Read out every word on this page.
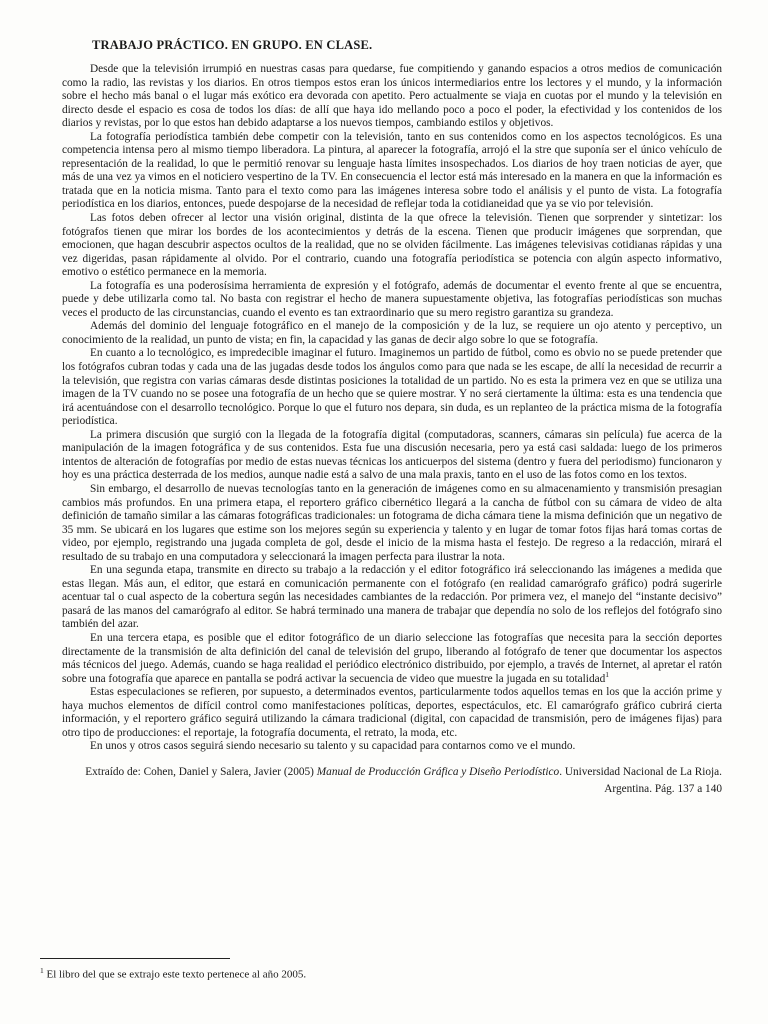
TRABAJO PRÁCTICO. EN GRUPO. EN CLASE.

Desde que la televisión irrumpió en nuestras casas para quedarse, fue compitiendo y ganando espacios a otros medios de comunicación como la radio, las revistas y los diarios. En otros tiempos estos eran los únicos intermediarios entre los lectores y el mundo, y la información sobre el hecho más banal o el lugar más exótico era devorada con apetito. Pero actualmente se viaja en cuotas por el mundo y la televisión en directo desde el espacio es cosa de todos los días: de allí que haya ido mellando poco a poco el poder, la efectividad y los contenidos de los diarios y revistas, por lo que estos han debido adaptarse a los nuevos tiempos, cambiando estilos y objetivos.

La fotografía periodística también debe competir con la televisión, tanto en sus contenidos como en los aspectos tecnológicos. Es una competencia intensa pero al mismo tiempo liberadora. La pintura, al aparecer la fotografía, arrojó el la stre que suponía ser el único vehículo de representación de la realidad, lo que le permitió renovar su lenguaje hasta límites insospechados. Los diarios de hoy traen noticias de ayer, que más de una vez ya vimos en el noticiero vespertino de la TV. En consecuencia el lector está más interesado en la manera en que la información es tratada que en la noticia misma. Tanto para el texto como para las imágenes interesa sobre todo el análisis y el punto de vista. La fotografía periodística en los diarios, entonces, puede despojarse de la necesidad de reflejar toda la cotidianeidad que ya se vio por televisión.

Las fotos deben ofrecer al lector una visión original, distinta de la que ofrece la televisión. Tienen que sorprender y sintetizar: los fotógrafos tienen que mirar los bordes de los acontecimientos y detrás de la escena. Tienen que producir imágenes que sorprendan, que emocionen, que hagan descubrir aspectos ocultos de la realidad, que no se olviden fácilmente. Las imágenes televisivas cotidianas rápidas y una vez digeridas, pasan rápidamente al olvido. Por el contrario, cuando una fotografía periodística se potencia con algún aspecto informativo, emotivo o estético permanece en la memoria.

La fotografía es una poderosísima herramienta de expresión y el fotógrafo, además de documentar el evento frente al que se encuentra, puede y debe utilizarla como tal. No basta con registrar el hecho de manera supuestamente objetiva, las fotografías periodísticas son muchas veces el producto de las circunstancias, cuando el evento es tan extraordinario que su mero registro garantiza su grandeza.

Además del dominio del lenguaje fotográfico en el manejo de la composición y de la luz, se requiere un ojo atento y perceptivo, un conocimiento de la realidad, un punto de vista; en fin, la capacidad y las ganas de decir algo sobre lo que se fotografía.

En cuanto a lo tecnológico, es impredecible imaginar el futuro. Imaginemos un partido de fútbol, como es obvio no se puede pretender que los fotógrafos cubran todas y cada una de las jugadas desde todos los ángulos como para que nada se les escape, de allí la necesidad de recurrir a la televisión, que registra con varias cámaras desde distintas posiciones la totalidad de un partido. No es esta la primera vez en que se utiliza una imagen de la TV cuando no se posee una fotografía de un hecho que se quiere mostrar. Y no será ciertamente la última: esta es una tendencia que irá acentuándose con el desarrollo tecnológico. Porque lo que el futuro nos depara, sin duda, es un replanteo de la práctica misma de la fotografía periodística.

La primera discusión que surgió con la llegada de la fotografía digital (computadoras, scanners, cámaras sin película) fue acerca de la manipulación de la imagen fotográfica y de sus contenidos. Esta fue una discusión necesaria, pero ya está casi saldada: luego de los primeros intentos de alteración de fotografías por medio de estas nuevas técnicas los anticuerpos del sistema (dentro y fuera del periodismo) funcionaron y hoy es una práctica desterrada de los medios, aunque nadie está a salvo de una mala praxis, tanto en el uso de las fotos como en los textos.

Sin embargo, el desarrollo de nuevas tecnologías tanto en la generación de imágenes como en su almacenamiento y transmisión presagian cambios más profundos. En una primera etapa, el reportero gráfico cibernético llegará a la cancha de fútbol con su cámara de video de alta definición de tamaño similar a las cámaras fotográficas tradicionales: un fotograma de dicha cámara tiene la misma definición que un negativo de 35 mm. Se ubicará en los lugares que estime son los mejores según su experiencia y talento y en lugar de tomar fotos fijas hará tomas cortas de video, por ejemplo, registrando una jugada completa de gol, desde el inicio de la misma hasta el festejo. De regreso a la redacción, mirará el resultado de su trabajo en una computadora y seleccionará la imagen perfecta para ilustrar la nota.

En una segunda etapa, transmite en directo su trabajo a la redacción y el editor fotográfico irá seleccionando las imágenes a medida que estas llegan. Más aun, el editor, que estará en comunicación permanente con el fotógrafo (en realidad camarógrafo gráfico) podrá sugerirle acentuar tal o cual aspecto de la cobertura según las necesidades cambiantes de la redacción. Por primera vez, el manejo del “instante decisivo” pasará de las manos del camarógrafo al editor. Se habrá terminado una manera de trabajar que dependía no solo de los reflejos del fotógrafo sino también del azar.

En una tercera etapa, es posible que el editor fotográfico de un diario seleccione las fotografías que necesita para la sección deportes directamente de la transmisión de alta definición del canal de televisión del grupo, liberando al fotógrafo de tener que documentar los aspectos más técnicos del juego. Además, cuando se haga realidad el periódico electrónico distribuido, por ejemplo, a través de Internet, al apretar el ratón sobre una fotografía que aparece en pantalla se podrá activar la secuencia de video que muestre la jugada en su totalidad$^1$

Estas especulaciones se refieren, por supuesto, a determinados eventos, particularmente todos aquellos temas en los que la acción prime y haya muchos elementos de difícil control como manifestaciones políticas, deportes, espectáculos, etc. El camarógrafo gráfico cubrirá cierta información, y el reportero gráfico seguirá utilizando la cámara tradicional (digital, con capacidad de transmisión, pero de imágenes fijas) para otro tipo de producciones: el reportaje, la fotografía documenta, el retrato, la moda, etc.

En unos y otros casos seguirá siendo necesario su talento y su capacidad para contarnos como ve el mundo.

Extraído de: Cohen, Daniel y Salera, Javier (2005) Manual de Producción Gráfica y Diseño Periodístico. Universidad Nacional de La Rioja. Argentina. Pág. 137 a 140

$^1$ El libro del que se extrajo este texto pertenece al año 2005.
